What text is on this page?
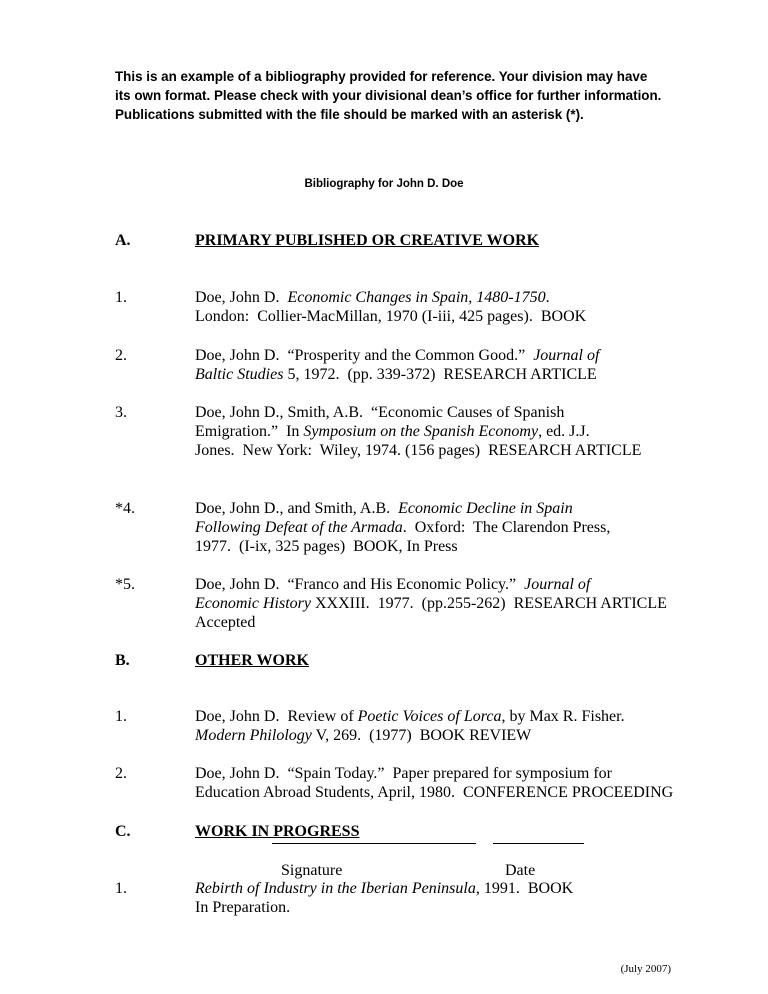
This is an example of a bibliography provided for reference. Your division may have
its own format. Please check with your divisional dean’s office for further information.
Publications submitted with the file should be marked with an asterisk (*).
Bibliography for John D. Doe
A.	PRIMARY PUBLISHED OR CREATIVE WORK
1.	Doe, John D.  Economic Changes in Spain, 1480-1750.
London:  Collier-MacMillan, 1970 (I-iii, 425 pages).  BOOK
2.	Doe, John D.  “Prosperity and the Common Good.”  Journal of
Baltic Studies 5, 1972.  (pp. 339-372)  RESEARCH ARTICLE
3.	Doe, John D., Smith, A.B.  “Economic Causes of Spanish
Emigration.”  In Symposium on the Spanish Economy, ed. J.J.
Jones.  New York:  Wiley, 1974. (156 pages)  RESEARCH ARTICLE
*4.	Doe, John D., and Smith, A.B.  Economic Decline in Spain
Following Defeat of the Armada.  Oxford:  The Clarendon Press,
1977.  (I-ix, 325 pages)  BOOK, In Press
*5.	Doe, John D.  “Franco and His Economic Policy.”  Journal of
Economic History XXXIII.  1977.  (pp.255-262)  RESEARCH ARTICLE
Accepted
B.	OTHER WORK
1.	Doe, John D.  Review of Poetic Voices of Lorca, by Max R. Fisher.
Modern Philology V, 269.  (1977)  BOOK REVIEW
2.	Doe, John D.  “Spain Today.”  Paper prepared for symposium for
Education Abroad Students, April, 1980.  CONFERENCE PROCEEDING
C.	WORK IN PROGRESS
1.	Rebirth of Industry in the Iberian Peninsula, 1991.  BOOK
In Preparation.
Signature	Date
(July 2007)
